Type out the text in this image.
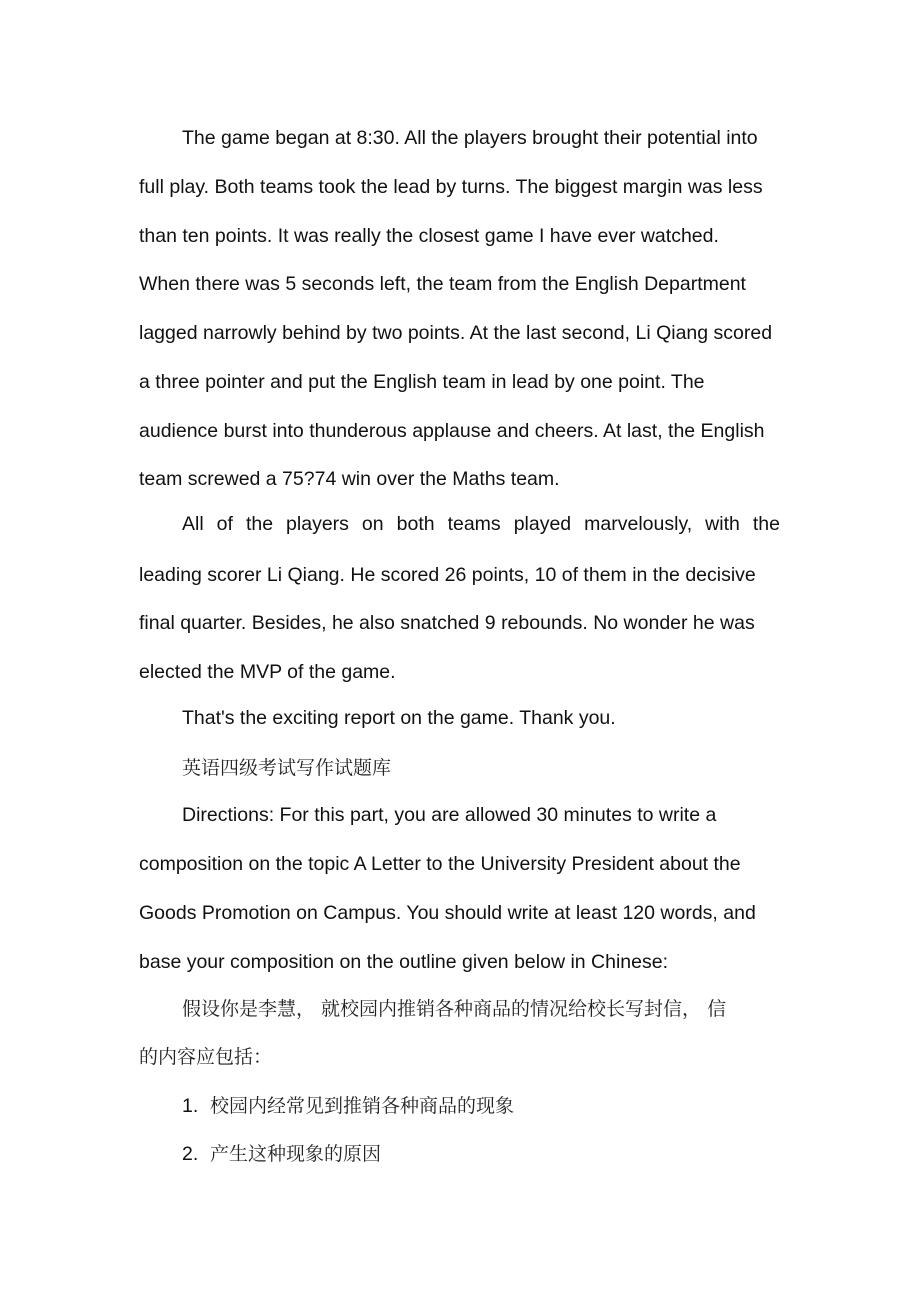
The game began at 8:30. All the players brought their potential into
full play. Both teams took the lead by turns. The biggest margin was less
than ten points. It was really the closest game I have ever watched.
When there was 5 seconds left, the team from the English Department
lagged narrowly behind by two points. At the last second, Li Qiang scored
a three pointer and put the English team in lead by one point. The
audience burst into thunderous applause and cheers. At last, the English
team screwed a 75?74 win over the Maths team.
All of the players on both teams played marvelously, with the
leading scorer Li Qiang. He scored 26 points, 10 of them in the decisive
final quarter. Besides, he also snatched 9 rebounds. No wonder he was
elected the MVP of the game.
That's the exciting report on the game. Thank you.
英语四级考试写作试题库
Directions: For this part, you are allowed 30 minutes to write a
composition on the topic A Letter to the University President about the
Goods Promotion on Campus. You should write at least 120 words, and
base your composition on the outline given below in Chinese:
假设你是李慧， 就校园内推销各种商品的情况给校长写封信， 信
的内容应包括：
1. 校园内经常见到推销各种商品的现象
2. 产生这种现象的原因
